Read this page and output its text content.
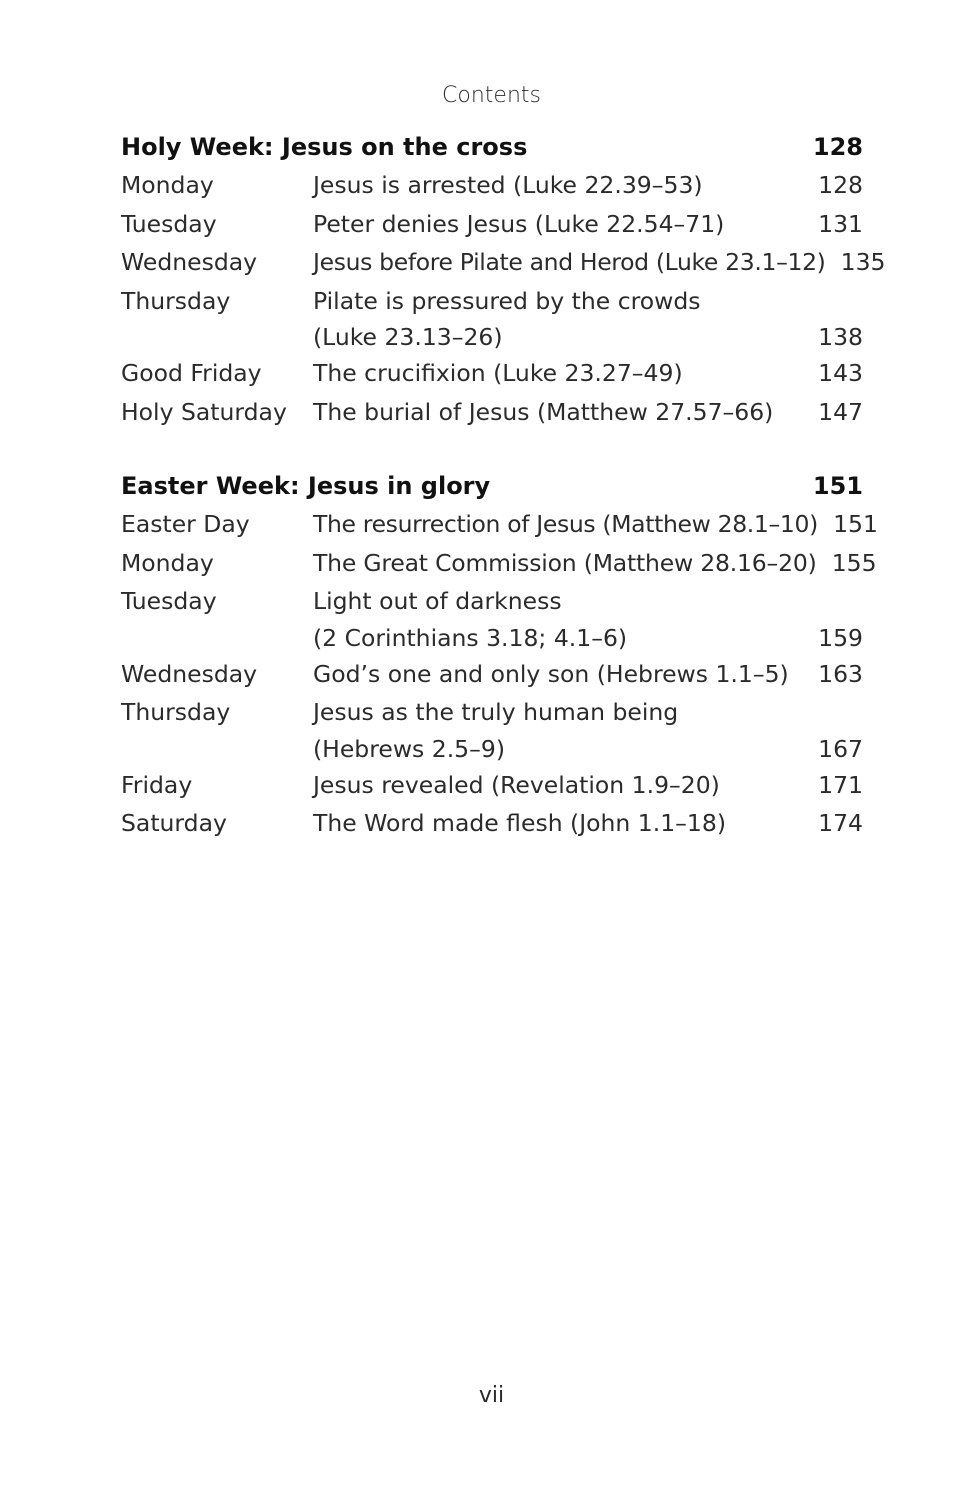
Contents
Holy Week: Jesus on the cross	128
Monday	Jesus is arrested (Luke 22.39–53)	128
Tuesday	Peter denies Jesus (Luke 22.54–71)	131
Wednesday	Jesus before Pilate and Herod (Luke 23.1–12) 135
Thursday	Pilate is pressured by the crowds
(Luke 23.13–26)	138
Good Friday	The crucifixion (Luke 23.27–49)	143
Holy Saturday	The burial of Jesus (Matthew 27.57–66)	147
Easter Week: Jesus in glory	151
Easter Day	The resurrection of Jesus (Matthew 28.1–10) 151
Monday	The Great Commission (Matthew 28.16–20) 155
Tuesday	Light out of darkness
(2 Corinthians 3.18; 4.1–6)	159
Wednesday	God’s one and only son (Hebrews 1.1–5)	163
Thursday	Jesus as the truly human being
(Hebrews 2.5–9)	167
Friday	Jesus revealed (Revelation 1.9–20)	171
Saturday	The Word made flesh (John 1.1–18)	174
vii
